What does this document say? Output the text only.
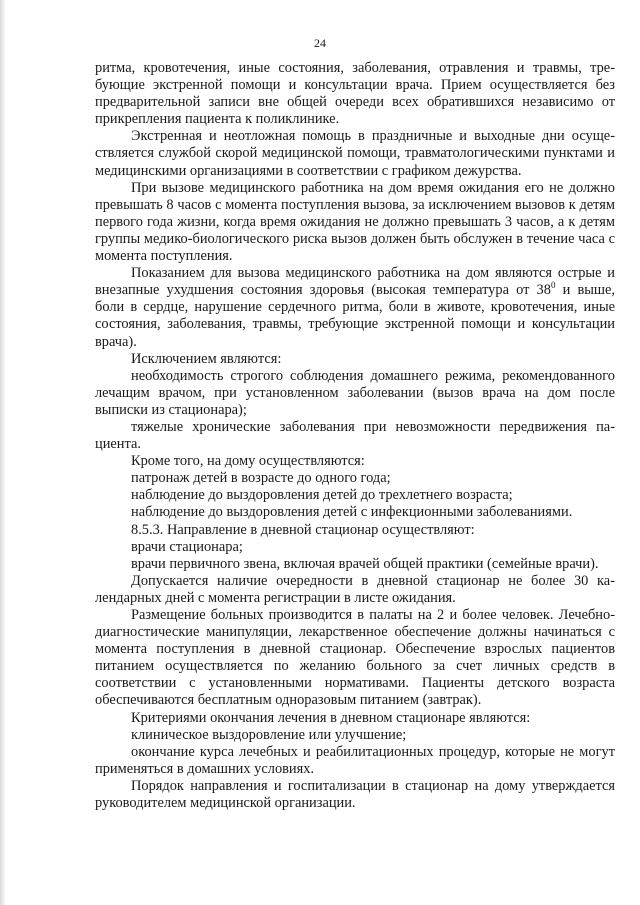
24

ритма, кровотечения, иные состояния, заболевания, отравления и травмы, требующие экстренной помощи и консультации врача. Прием осуществляется без предварительной записи вне общей очереди всех обратившихся независимо от прикрепления пациента к поликлинике.

Экстренная и неотложная помощь в праздничные и выходные дни осуществляется службой скорой медицинской помощи, травматологическими пунктами и медицинскими организациями в соответствии с графиком дежурства.

При вызове медицинского работника на дом время ожидания его не должно превышать 8 часов с момента поступления вызова, за исключением вызовов к детям первого года жизни, когда время ожидания не должно превышать 3 часов, а к детям группы медико-биологического риска вызов должен быть обслужен в течение часа с момента поступления.

Показанием для вызова медицинского работника на дом являются острые и внезапные ухудшения состояния здоровья (высокая температура от $38^0$ и выше, боли в сердце, нарушение сердечного ритма, боли в животе, кровотечения, иные состояния, заболевания, травмы, требующие экстренной помощи и консультации врача).

Исключением являются:

необходимость строгого соблюдения домашнего режима, рекомендованного лечащим врачом, при установленном заболевании (вызов врача на дом после выписки из стационара);

тяжелые хронические заболевания при невозможности передвижения пациента.

Кроме того, на дому осуществляются:

патронаж детей в возрасте до одного года;

наблюдение до выздоровления детей до трехлетнего возраста;

наблюдение до выздоровления детей с инфекционными заболеваниями.

8.5.3. Направление в дневной стационар осуществляют:

врачи стационара;

врачи первичного звена, включая врачей общей практики (семейные врачи).

Допускается наличие очередности в дневной стационар не более 30 календарных дней с момента регистрации в листе ожидания.

Размещение больных производится в палаты на 2 и более человек. Лечебно-диагностические манипуляции, лекарственное обеспечение должны начинаться с момента поступления в дневной стационар. Обеспечение взрослых пациентов питанием осуществляется по желанию больного за счет личных средств в соответствии с установленными нормативами. Пациенты детского возраста обеспечиваются бесплатным одноразовым питанием (завтрак).

Критериями окончания лечения в дневном стационаре являются:

клиническое выздоровление или улучшение;

окончание курса лечебных и реабилитационных процедур, которые не могут применяться в домашних условиях.

Порядок направления и госпитализации в стационар на дому утверждается руководителем медицинской организации.
